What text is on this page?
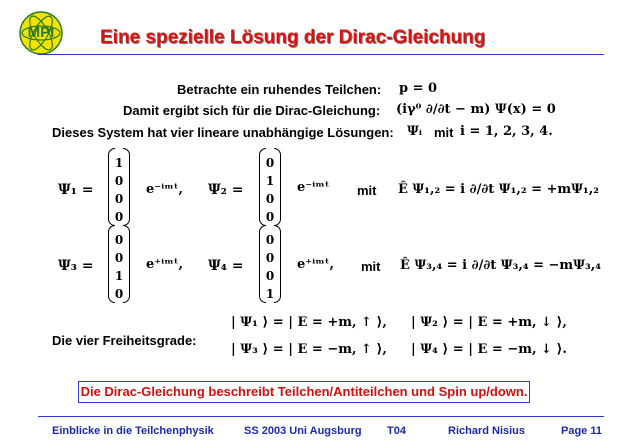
MPI	Eine spezielle Lösung der Dirac-Gleichung
Betrachte ein ruhendes Teilchen: p = 0
Damit ergibt sich für die Dirac-Gleichung: (iγ⁰ ∂/∂t − m) Ψ(x) = 0
Dieses System hat vier lineare unabhängige Lösungen: Ψᵢ mit i = 1, 2, 3, 4.
Ψ₁ =
1
0
0
0
e⁻ⁱᵐᵗ, Ψ₂ =
0
1
0
0
e⁻ⁱᵐᵗ mit Ê Ψ₁,₂ = i ∂/∂t Ψ₁,₂ = +mΨ₁,₂
Ψ₃ =
0
0
1
0
e⁺ⁱᵐᵗ, Ψ₄ =
0
0
0
1
e⁺ⁱᵐᵗ, mit Ê Ψ₃,₄ = i ∂/∂t Ψ₃,₄ = −mΨ₃,₄
Die vier Freiheitsgrade:
| Ψ₁ ⟩ = | E = +m, ↑ ⟩, | Ψ₂ ⟩ = | E = +m, ↓ ⟩,
| Ψ₃ ⟩ = | E = −m, ↑ ⟩, | Ψ₄ ⟩ = | E = −m, ↓ ⟩.
Die Dirac-Gleichung beschreibt Teilchen/Antiteilchen und Spin up/down.
Einblicke in die Teilchenphysik	SS 2003 Uni Augsburg T04	Richard Nisius	Page 11
